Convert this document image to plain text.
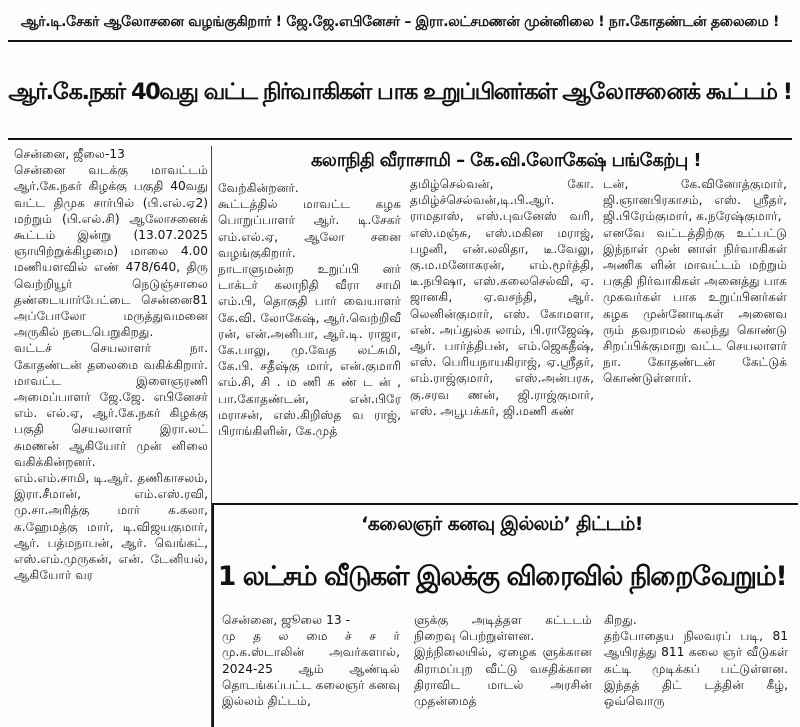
ஆர்.டி.சேகர் ஆலோசனை வழங்குகிறார் ! ஜே.ஜே.எபினேசர் – இரா.லட்சமணன் முன்னிலை ! நா.கோதண்டன் தலைமை !
ஆர்.கே.நகர் 40வது வட்ட நிர்வாகிகள் பாக உறுப்பினர்கள் ஆலோசனைக் கூட்டம் !
சென்னை, ஜீலை-13
சென்னை வடக்கு மாவட்டம் ஆர்.கே.நகர் கிழக்கு பகுதி 40வது வட்ட திமுக சார்பில் (பி.எல்.ஏ2) மற்றும் (பி.எல்.சி) ஆலோசனைக் கூட்டம் இன்று (13.07.2025 ஞாயிற்றுக்கிழமை) மாலை 4.00 மணியளவில் எண் 478/640, திரு வெற்றியூர் நெடுஞ்சாலை தண்டையார்பேட்டை சென்னை81 அப்போலோ மருத்துவமனை அருகில் நடைபெறுகிறது.
வட்டச் செயலாளர் நா. கோதண்டன் தலைமை வகிக்கிறார். மாவட்ட இளைஞரணி அமைப்பாளர் ஜே.ஜே. எபினேசர் எம். எல்.ஏ, ஆர்.கே.நகர் கிழக்கு பகுதி செயலாளர் இரா.லட் சுமணன் ஆகியோர் முன் னிலை வகிக்கின்றனர்.
எம்.எம்.சாமி, டி.ஆர். தணிகாசலம், இரா.சீமான், எம்.எஸ்.ரவி, மு.சா.அரித்கு மார் க.கலா, க.ஹேமத்கு மார், டி.விஜயகுமார், ஆர். பத்மநாபன், ஆர். வெங்கட், எஸ்.எம்.முருகன், என். டேனியல், ஆகியோர் வர
கலாநிதி வீராசாமி – கே.வி.லோகேஷ் பங்கேற்பு !
வேற்கின்றனர்.
கூட்டத்தில் மாவட்ட கழக பொறுப்பாளர் ஆர். டி.சேகர் எம்.எல்.ஏ, ஆலோ சனை வழங்குகிறார்.
நாடாளுமன்ற உறுப்பி னர் டாக்டர் கலாநிதி வீரா சாமி எம்.பி, தொகுதி பார் வையாளர் கே.வி. லோகேஷ், ஆர்.வெற்றிவீ ரன், என்.அனிபா, ஆர்.டி. ராஜா, கே.பாலு, மு.வேத லட்சுமி, கே.பி. சதீஷ்கு மார், என்.குமாரி எம்.சி, சி . ம ணி க ண் ட ன் , பா.கோதண்டன், என்.பிரே மராசன், எஸ்.கிறிஸ்த வ ராஜ், பிராங்கிளின், கே.முத்
தமிழ்செல்வன், கோ. தமிழ்ச்செல்வன்,டி.பி.ஆர். ராமதாஸ், எஸ்.புவனேஸ் வரி, எஸ்.மஞ்சு, எஸ்.மகின மராஜ், பழனி, என்.லலிதா, டீ.வேலு, கு.ம.மனோகரன், எம்.மூர்த்தி, டீ.நபிஷா, எஸ்.கலைசெல்வி, ஏ. ஜானகி, ஏ.வசந்தி, ஆர். லெனின்குமார், எஸ். கோமளா, என். அப்துல்க லாம், பி.ராஜேஷ், ஆர். பார்த்திபன், எம்.ஜெகதீஷ், எஸ். பெரியநாயகிராஜ், ஏ.ஸ்ரீதர், எம்.ராஜ்குமார், எஸ்.அன்பரசு, கு.சரவ ணன், ஜி.ராஜ்குமார், எஸ். அபூபக்கர், ஜி.மணி கண்
டன், கே.வினோத்குமார், ஜி.ஞானபிரகாசம், எஸ். ஸ்ரீதர், ஜி.பிரேம்குமார், க.நரேஷ்குமார்,
எனவே வட்டத்திற்கு உட்பட்டு இந்நாள் முன் னாள் நிர்வாகிகள் அணிக ளின் மாவட்டம் மற்றும் பகுதி நிர்வாகிகள் அனைத்து பாக முகவர்கள் பாக உறுப்பினர்கள் கழக முன்னோடிகள் அனைவ ரும் தவறாமல் கலந்து கொண்டு சிறப்பிக்குமாறு வட்ட செயலாளர் நா. கோதண்டன் கேட்டுக் கொண்டுள்ளார்.
‘கலைஞர் கனவு இல்லம்’ திட்டம்!
1 லட்சம் வீடுகள் இலக்கு விரைவில் நிறைவேறும்!
சென்னை, ஜூலை 13 -
மு த ல மை ச் ச ர் மு.க.ஸ்டாலின் அவர்களால், 2024-25 ஆம் ஆண்டில் தொடங்கப்பட்ட கலைஞர் கனவு இல்லம் திட்டம்,
ளுக்கு அடித்தள கட்டடம் நிறைவு பெற்றுள்ளன.
இந்நிலையில், ஏழைக ளுக்கான கிராமப்புற வீட்டு வசதிக்கான திராவிட மாடல் அரசின் முதன்மைத்
கிறது.
தற்போதைய நிலவரப் படி, 81 ஆயிரத்து 811 கலை ஞர் வீடுகள் கட்டி முடிக்கப் பட்டுள்ளன. இந்தத் திட் டத்தின் கீழ், ஒவ்வொரு
